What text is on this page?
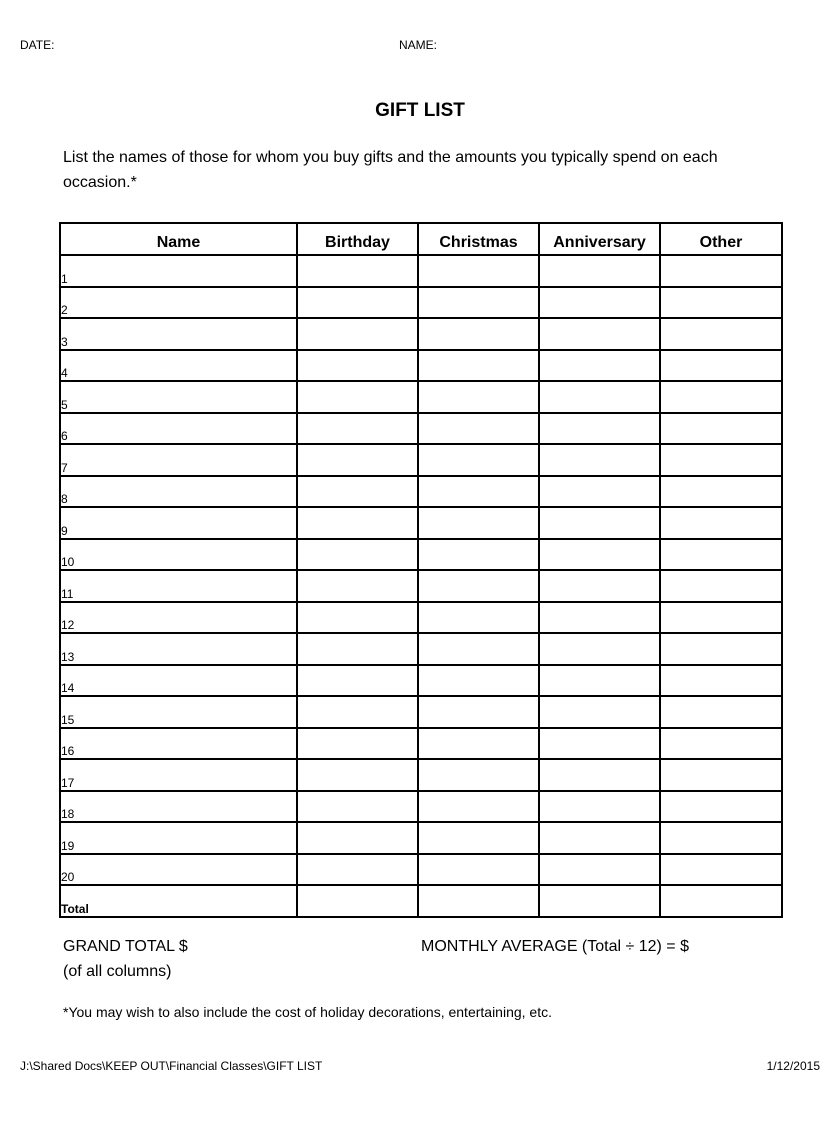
DATE:	NAME:
GIFT LIST
List the names of those for whom you buy gifts and the amounts you typically spend on each occasion.*
Name	Birthday	Christmas	Anniversary	Other
1				
2				
3				
4				
5				
6				
7				
8				
9				
10				
11				
12				
13				
14				
15				
16				
17				
18				
19				
20				
Total				
GRAND TOTAL $
(of all columns)
MONTHLY AVERAGE (Total ÷ 12) = $
*You may wish to also include the cost of holiday decorations, entertaining, etc.
J:\Shared Docs\KEEP OUT\Financial Classes\GIFT LIST	1/12/2015
